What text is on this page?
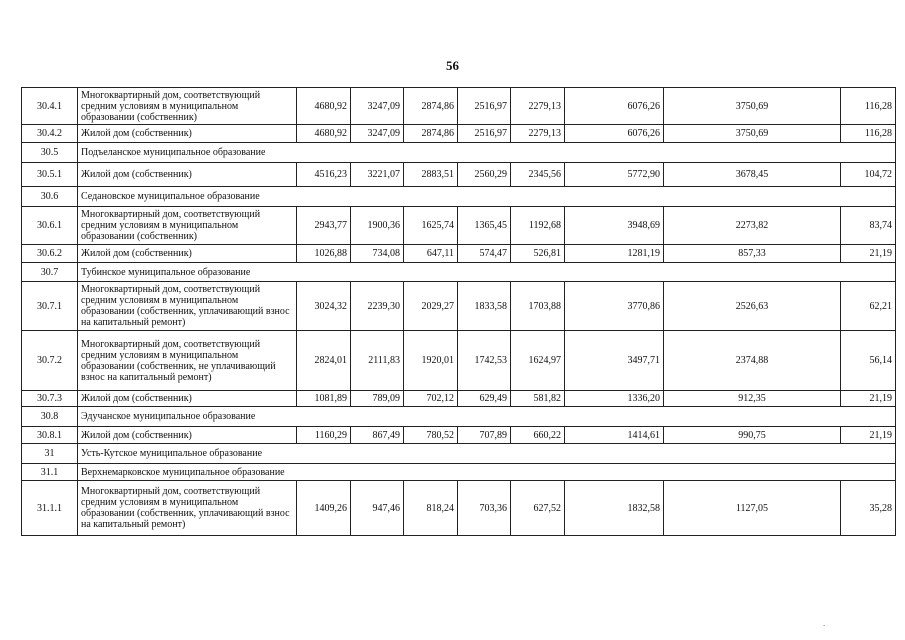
56
30.4.1	Многоквартирный дом, соответствующий средним условиям в муниципальном образовании (собственник)	4680,92	3247,09	2874,86	2516,97	2279,13	6076,26	3750,69	116,28
30.4.2	Жилой дом (собственник)	4680,92	3247,09	2874,86	2516,97	2279,13	6076,26	3750,69	116,28
30.5	Подъеланское муниципальное образование								
30.5.1	Жилой дом (собственник)	4516,23	3221,07	2883,51	2560,29	2345,56	5772,90	3678,45	104,72
30.6	Седановское муниципальное образование								
30.6.1	Многоквартирный дом, соответствующий средним условиям в муниципальном образовании (собственник)	2943,77	1900,36	1625,74	1365,45	1192,68	3948,69	2273,82	83,74
30.6.2	Жилой дом (собственник)	1026,88	734,08	647,11	574,47	526,81	1281,19	857,33	21,19
30.7	Тубинское муниципальное образование								
30.7.1	Многоквартирный дом, соответствующий средним условиям в муниципальном образовании (собственник, уплачивающий взнос на капитальный ремонт)	3024,32	2239,30	2029,27	1833,58	1703,88	3770,86	2526,63	62,21
30.7.2	Многоквартирный дом, соответствующий средним условиям в муниципальном образовании (собственник, не уплачивающий взнос на капитальный ремонт)	2824,01	2111,83	1920,01	1742,53	1624,97	3497,71	2374,88	56,14
30.7.3	Жилой дом (собственник)	1081,89	789,09	702,12	629,49	581,82	1336,20	912,35	21,19
30.8	Эдучанское муниципальное образование								
30.8.1	Жилой дом (собственник)	1160,29	867,49	780,52	707,89	660,22	1414,61	990,75	21,19
31	Усть-Кутское муниципальное образование								
31.1	Верхнемарковское муниципальное образование								
31.1.1	Многоквартирный дом, соответствующий средним условиям в муниципальном образовании (собственник, уплачивающий взнос на капитальный ремонт)	1409,26	947,46	818,24	703,36	627,52	1832,58	1127,05	35,28
.
